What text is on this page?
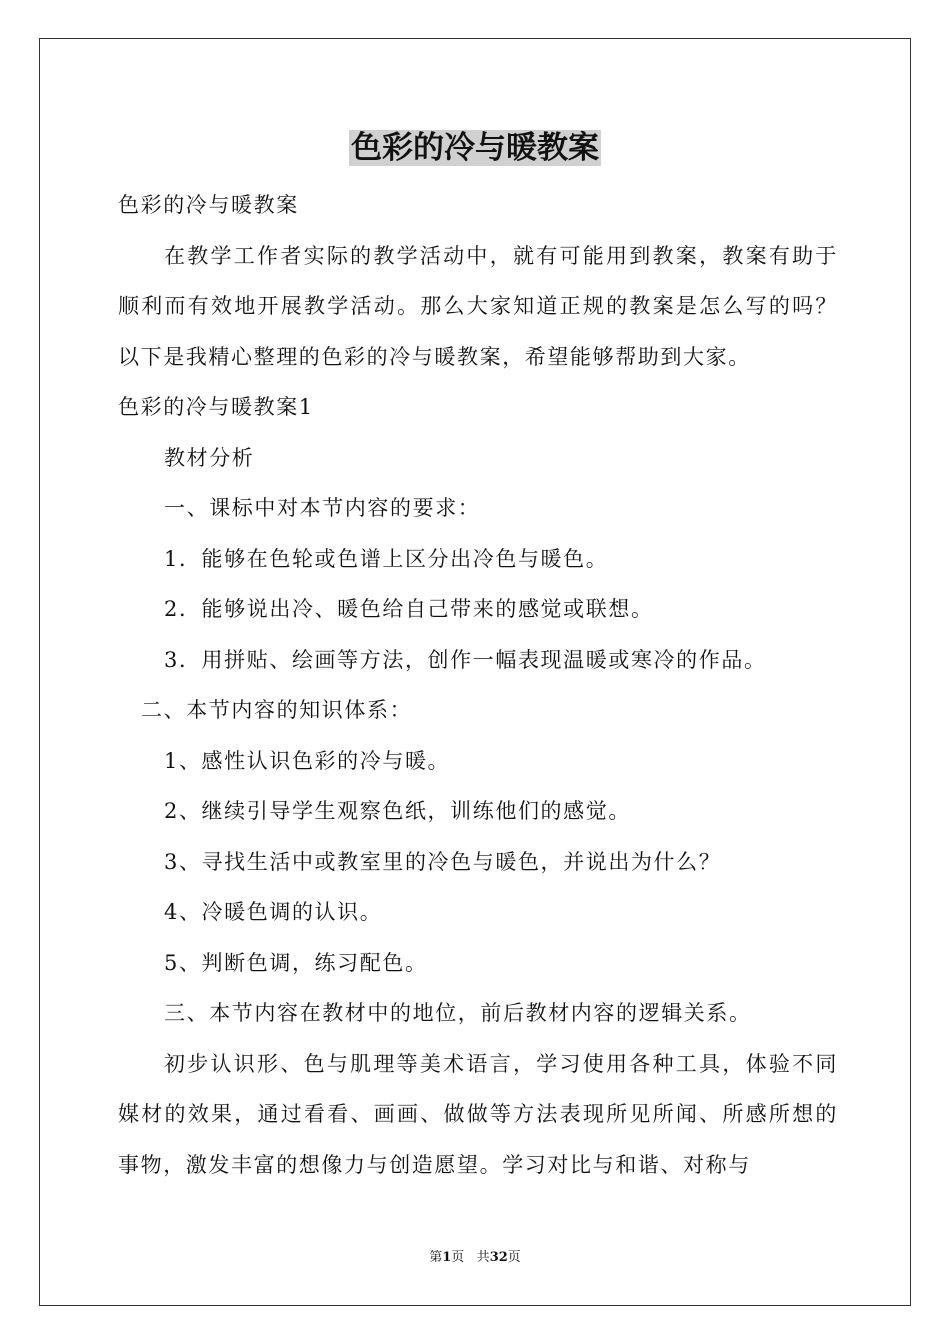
色彩的冷与暖教案

色彩的冷与暖教案

在教学工作者实际的教学活动中，就有可能用到教案，教案有助于顺利而有效地开展教学活动。那么大家知道正规的教案是怎么写的吗？以下是我精心整理的色彩的冷与暖教案，希望能够帮助到大家。

色彩的冷与暖教案1

教材分析

一、课标中对本节内容的要求：

1．能够在色轮或色谱上区分出冷色与暖色。

2．能够说出冷、暖色给自己带来的感觉或联想。

3．用拼贴、绘画等方法，创作一幅表现温暖或寒冷的作品。

二、本节内容的知识体系：

1、感性认识色彩的冷与暖。

2、继续引导学生观察色纸，训练他们的感觉。

3、寻找生活中或教室里的冷色与暖色，并说出为什么？

4、冷暖色调的认识。

5、判断色调，练习配色。

三、本节内容在教材中的地位，前后教材内容的逻辑关系。

初步认识形、色与肌理等美术语言，学习使用各种工具，体验不同媒材的效果，通过看看、画画、做做等方法表现所见所闻、所感所想的事物，激发丰富的想像力与创造愿望。学习对比与和谐、对称与

第1页 共32页
